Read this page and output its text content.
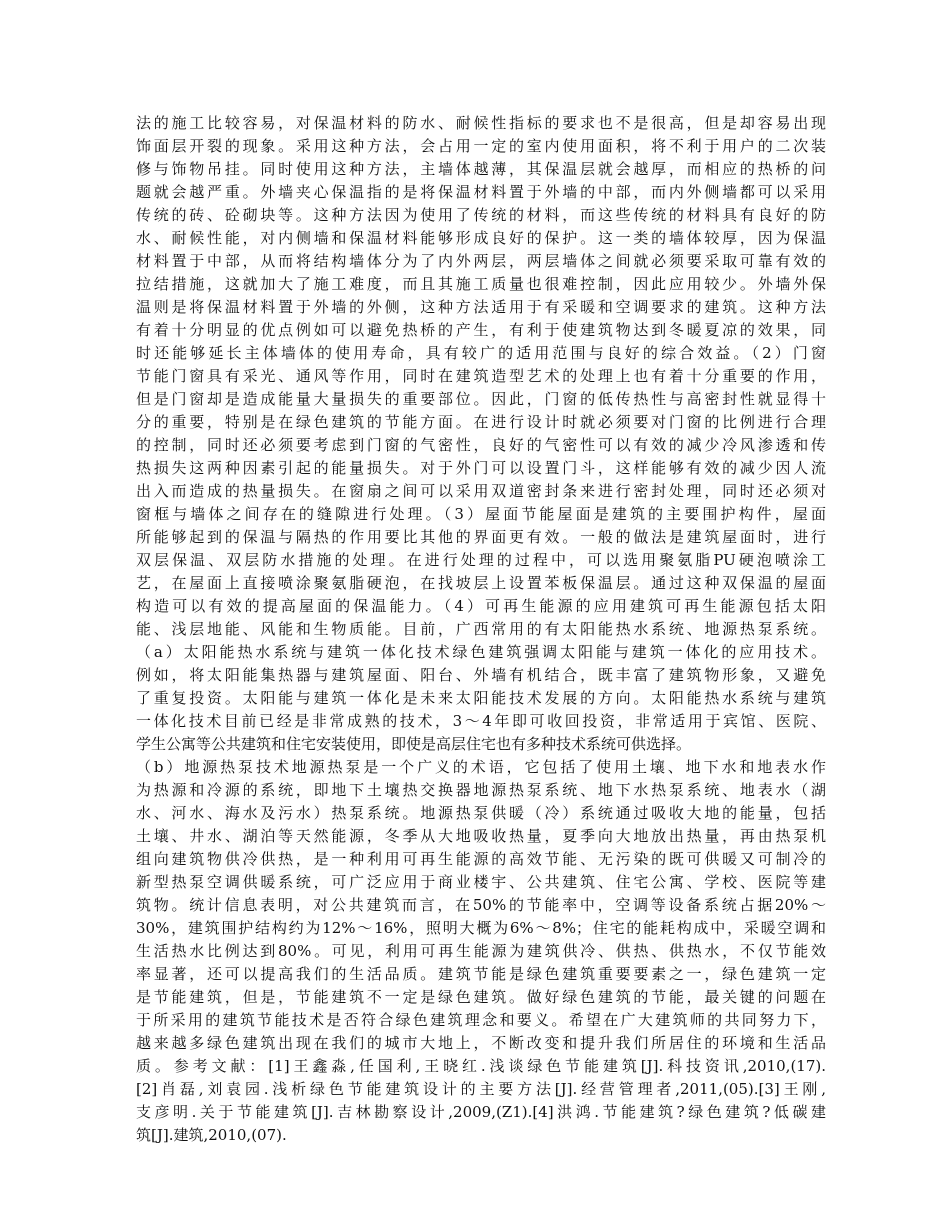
法的施工比较容易，对保温材料的防水、耐候性指标的要求也不是很高，但是却容易出现
饰面层开裂的现象。采用这种方法，会占用一定的室内使用面积，将不利于用户的二次装
修与饰物吊挂。同时使用这种方法，主墙体越薄，其保温层就会越厚，而相应的热桥的问
题就会越严重。外墙夹心保温指的是将保温材料置于外墙的中部，而内外侧墙都可以采用
传统的砖、砼砌块等。这种方法因为使用了传统的材料，而这些传统的材料具有良好的防
水、耐候性能，对内侧墙和保温材料能够形成良好的保护。这一类的墙体较厚，因为保温
材料置于中部，从而将结构墙体分为了内外两层，两层墙体之间就必须要采取可靠有效的
拉结措施，这就加大了施工难度，而且其施工质量也很难控制，因此应用较少。外墙外保
温则是将保温材料置于外墙的外侧，这种方法适用于有采暖和空调要求的建筑。这种方法
有着十分明显的优点例如可以避免热桥的产生，有利于使建筑物达到冬暖夏凉的效果，同
时还能够延长主体墙体的使用寿命，具有较广的适用范围与良好的综合效益。（2）门窗
节能门窗具有采光、通风等作用，同时在建筑造型艺术的处理上也有着十分重要的作用，
但是门窗却是造成能量大量损失的重要部位。因此，门窗的低传热性与高密封性就显得十
分的重要，特别是在绿色建筑的节能方面。在进行设计时就必须要对门窗的比例进行合理
的控制，同时还必须要考虑到门窗的气密性，良好的气密性可以有效的减少冷风渗透和传
热损失这两种因素引起的能量损失。对于外门可以设置门斗，这样能够有效的减少因人流
出入而造成的热量损失。在窗扇之间可以采用双道密封条来进行密封处理，同时还必须对
窗框与墙体之间存在的缝隙进行处理。（3）屋面节能屋面是建筑的主要围护构件，屋面
所能够起到的保温与隔热的作用要比其他的界面更有效。一般的做法是建筑屋面时，进行
双层保温、双层防水措施的处理。在进行处理的过程中，可以选用聚氨脂PU硬泡喷涂工
艺，在屋面上直接喷涂聚氨脂硬泡，在找坡层上设置苯板保温层。通过这种双保温的屋面
构造可以有效的提高屋面的保温能力。（4）可再生能源的应用建筑可再生能源包括太阳
能、浅层地能、风能和生物质能。目前，广西常用的有太阳能热水系统、地源热泵系统。
（a）太阳能热水系统与建筑一体化技术绿色建筑强调太阳能与建筑一体化的应用技术。
例如，将太阳能集热器与建筑屋面、阳台、外墙有机结合，既丰富了建筑物形象，又避免
了重复投资。太阳能与建筑一体化是未来太阳能技术发展的方向。太阳能热水系统与建筑
一体化技术目前已经是非常成熟的技术，3～4年即可收回投资，非常适用于宾馆、医院、
学生公寓等公共建筑和住宅安装使用，即使是高层住宅也有多种技术系统可供选择。
（b）地源热泵技术地源热泵是一个广义的术语，它包括了使用土壤、地下水和地表水作
为热源和冷源的系统，即地下土壤热交换器地源热泵系统、地下水热泵系统、地表水（湖
水、河水、海水及污水）热泵系统。地源热泵供暖（冷）系统通过吸收大地的能量，包括
土壤、井水、湖泊等天然能源，冬季从大地吸收热量，夏季向大地放出热量，再由热泵机
组向建筑物供冷供热，是一种利用可再生能源的高效节能、无污染的既可供暖又可制冷的
新型热泵空调供暖系统，可广泛应用于商业楼宇、公共建筑、住宅公寓、学校、医院等建
筑物。统计信息表明，对公共建筑而言，在50%的节能率中，空调等设备系统占据20%～
30%，建筑围护结构约为12%～16%，照明大概为6%～8%；住宅的能耗构成中，采暖空调和
生活热水比例达到80%。可见，利用可再生能源为建筑供冷、供热、供热水，不仅节能效
率显著，还可以提高我们的生活品质。建筑节能是绿色建筑重要要素之一，绿色建筑一定
是节能建筑，但是，节能建筑不一定是绿色建筑。做好绿色建筑的节能，最关键的问题在
于所采用的建筑节能技术是否符合绿色建筑理念和要义。希望在广大建筑师的共同努力下，
越来越多绿色建筑出现在我们的城市大地上，不断改变和提升我们所居住的环境和生活品
质。参考文献：[1]王鑫淼,任国利,王晓红.浅谈绿色节能建筑[J].科技资讯,2010,(17).
[2]肖磊,刘袁园.浅析绿色节能建筑设计的主要方法[J].经营管理者,2011,(05).[3]王刚,
支彦明.关于节能建筑[J].吉林勘察设计,2009,(Z1).[4]洪鸿.节能建筑?绿色建筑?低碳建
筑[J].建筑,2010,(07).
